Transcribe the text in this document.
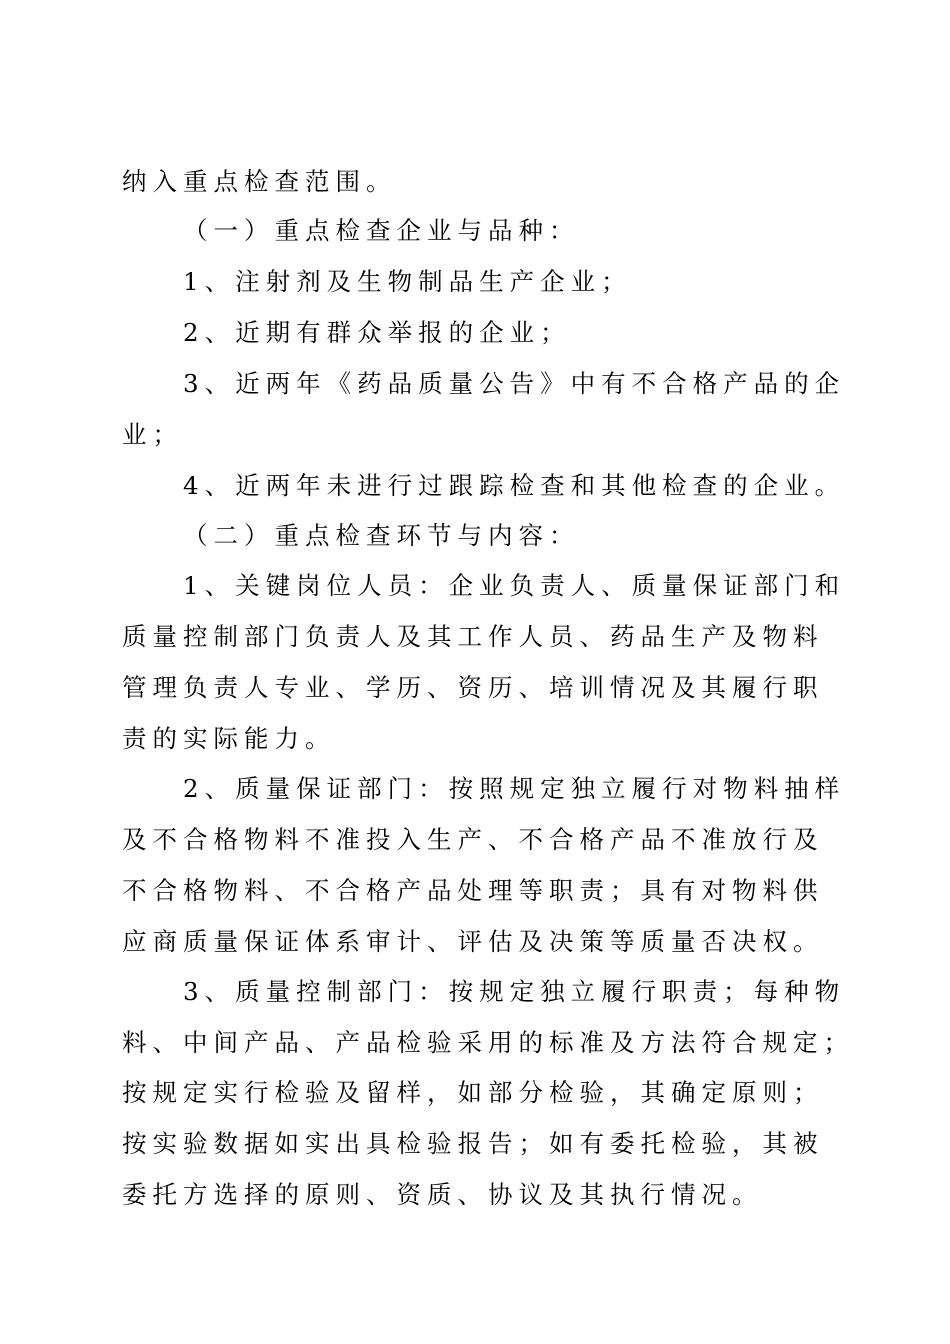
纳入重点检查范围。
（一）重点检查企业与品种：
1、注射剂及生物制品生产企业；
2、近期有群众举报的企业；
3、近两年《药品质量公告》中有不合格产品的企
业；
4、近两年未进行过跟踪检查和其他检查的企业。
（二）重点检查环节与内容：
1、关键岗位人员：企业负责人、质量保证部门和
质量控制部门负责人及其工作人员、药品生产及物料
管理负责人专业、学历、资历、培训情况及其履行职
责的实际能力。
2、质量保证部门：按照规定独立履行对物料抽样
及不合格物料不准投入生产、不合格产品不准放行及
不合格物料、不合格产品处理等职责；具有对物料供
应商质量保证体系审计、评估及决策等质量否决权。
3、质量控制部门：按规定独立履行职责；每种物
料、中间产品、产品检验采用的标准及方法符合规定；
按规定实行检验及留样，如部分检验，其确定原则；
按实验数据如实出具检验报告；如有委托检验，其被
委托方选择的原则、资质、协议及其执行情况。
